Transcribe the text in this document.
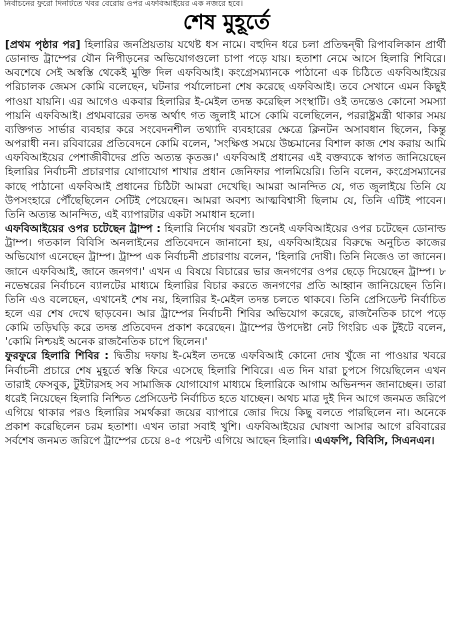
নির্বাচনের ফুরো দিনটিতে খবর বেরোয় ওপর এফবিআইয়ের এক নজরে হবে।
শেষ মুহূর্তে

[প্রথম পৃষ্ঠার পর] হিলারির জনপ্রিয়তায় যথেষ্ট ধস নামে। বহুদিন ধরে চলা প্রতিদ্বন্দ্বী রিপাবলিকান প্রার্থী ডোনাল্ড ট্রাম্পের যৌন নিপীড়নের অভিযোগগুলো চাপা পড়ে যায়। হতাশা নেমে আসে হিলারি শিবিরে। অবশেষে সেই অস্বস্তি থেকেই মুক্তি দিল এফবিআই। কংগ্রেসম্যানকে পাঠানো এক চিঠিতে এফবিআইয়ের পরিচালক জেমস কোমি বলেছেন, ঘটনার পর্যালোচনা শেষ করেছে এফবিআই। তবে সেখানে এমন কিছুই পাওয়া যায়নি। এর আগেও একবার হিলারির ই-মেইল তদন্ত করেছিল সংস্থাটি। ওই তদন্তেও কোনো সমস্যা পায়নি এফবিআই। প্রথমবারের তদন্ত অর্থাৎ গত জুলাই মাসে কোমি বলেছিলেন, পররাষ্ট্রমন্ত্রী থাকার সময় ব্যক্তিগত সার্ভার ব্যবহার করে সংবেদনশীল তথ্যাদি ব্যবহারের ক্ষেত্রে ক্লিনটন অসাবধান ছিলেন, কিন্তু অপরাধী নন। রবিবারের প্রতিবেদনে কোমি বলেন, 'সংক্ষিপ্ত সময়ে উচ্চমানের বিশাল কাজ শেষ করায় আমি এফবিআইয়ের পেশাজীবীদের প্রতি অত্যন্ত কৃতজ্ঞ।' এফবিআই প্রধানের এই বক্তব্যকে স্বাগত জানিয়েছেন হিলারির নির্বাচনী প্রচারণার যোগাযোগ শাখার প্রধান জেনিফার পালমিয়েরি। তিনি বলেন, কংগ্রেসম্যানের কাছে পাঠানো এফবিআই প্রধানের চিঠিটা আমরা দেখেছি। আমরা আনন্দিত যে, গত জুলাইয়ে তিনি যে উপসংহারে পৌঁছেছিলেন সেটিই পেয়েছেন। আমরা অবশ্য আত্মবিশ্বাসী ছিলাম যে, তিনি এটিই পাবেন। তিনি অত্যন্ত আনন্দিত, এই ব্যাপারটার একটা সমাধান হলো।

এফবিআইয়ের ওপর চটেছেন ট্রাম্প : হিলারি নির্দোষ খবরটা শুনেই এফবিআইয়ের ওপর চটেছেন ডোনাল্ড ট্রাম্প। গতকাল বিবিসি অনলাইনের প্রতিবেদনে জানানো হয়, এফবিআইয়ের বিরুদ্ধে অনুচিত কাজের অভিযোগ এনেছেন ট্রাম্প। ট্রাম্প এক নির্বাচনী প্রচারণায় বলেন, 'হিলারি দোষী। তিনি নিজেও তা জানেন। জানে এফবিআই, জানে জনগণ।' এখন এ বিষয়ে বিচারের ভার জনগণের ওপর ছেড়ে দিয়েছেন ট্রাম্প। ৮ নভেম্বরের নির্বাচনে ব্যালটের মাধ্যমে হিলারির বিচার করতে জনগণের প্রতি আহ্বান জানিয়েছেন তিনি। তিনি এও বলেছেন, এখানেই শেষ নয়, হিলারির ই-মেইল তদন্ত চলতে থাকবে। তিনি প্রেসিডেন্ট নির্বাচিত হলে এর শেষ দেখে ছাড়বেন। আর ট্রাম্পের নির্বাচনী শিবির অভিযোগ করেছে, রাজনৈতিক চাপে পড়ে কোমি তড়িঘড়ি করে তদন্ত প্রতিবেদন প্রকাশ করেছেন। ট্রাম্পের উপদেষ্টা নেট গিংরিচ এক টুইটে বলেন, 'কোমি নিশ্চয়ই অনেক রাজনৈতিক চাপে ছিলেন।'

ফুরফুরে হিলারি শিবির : দ্বিতীয় দফায় ই-মেইল তদন্তে এফবিআই কোনো দোষ খুঁজে না পাওয়ার খবরে নির্বাচনী প্রচারে শেষ মুহূর্তে স্বস্তি ফিরে এসেছে হিলারি শিবিরে। এত দিন যারা চুপসে গিয়েছিলেন এখন তারাই ফেসবুক, টুইটারসহ সব সামাজিক যোগাযোগ মাধ্যমে হিলারিকে আগাম অভিনন্দন জানাচ্ছেন। তারা ধরেই নিয়েছেন হিলারি নিশ্চিত প্রেসিডেন্ট নির্বাচিত হতে যাচ্ছেন। অথচ মাত্র দুই দিন আগে জনমত জরিপে এগিয়ে থাকার পরও হিলারির সমর্থকরা জয়ের ব্যাপারে জোর দিয়ে কিছু বলতে পারছিলেন না। অনেকে প্রকাশ করেছিলেন চরম হতাশা। এখন তারা সবাই খুশি। এফবিআইয়ের ঘোষণা আসার আগে রবিবারের সর্বশেষ জনমত জরিপে ট্রাম্পের চেয়ে ৪-৫ পয়েন্ট এগিয়ে আছেন হিলারি। এএফপি, বিবিসি, সিএনএন।
